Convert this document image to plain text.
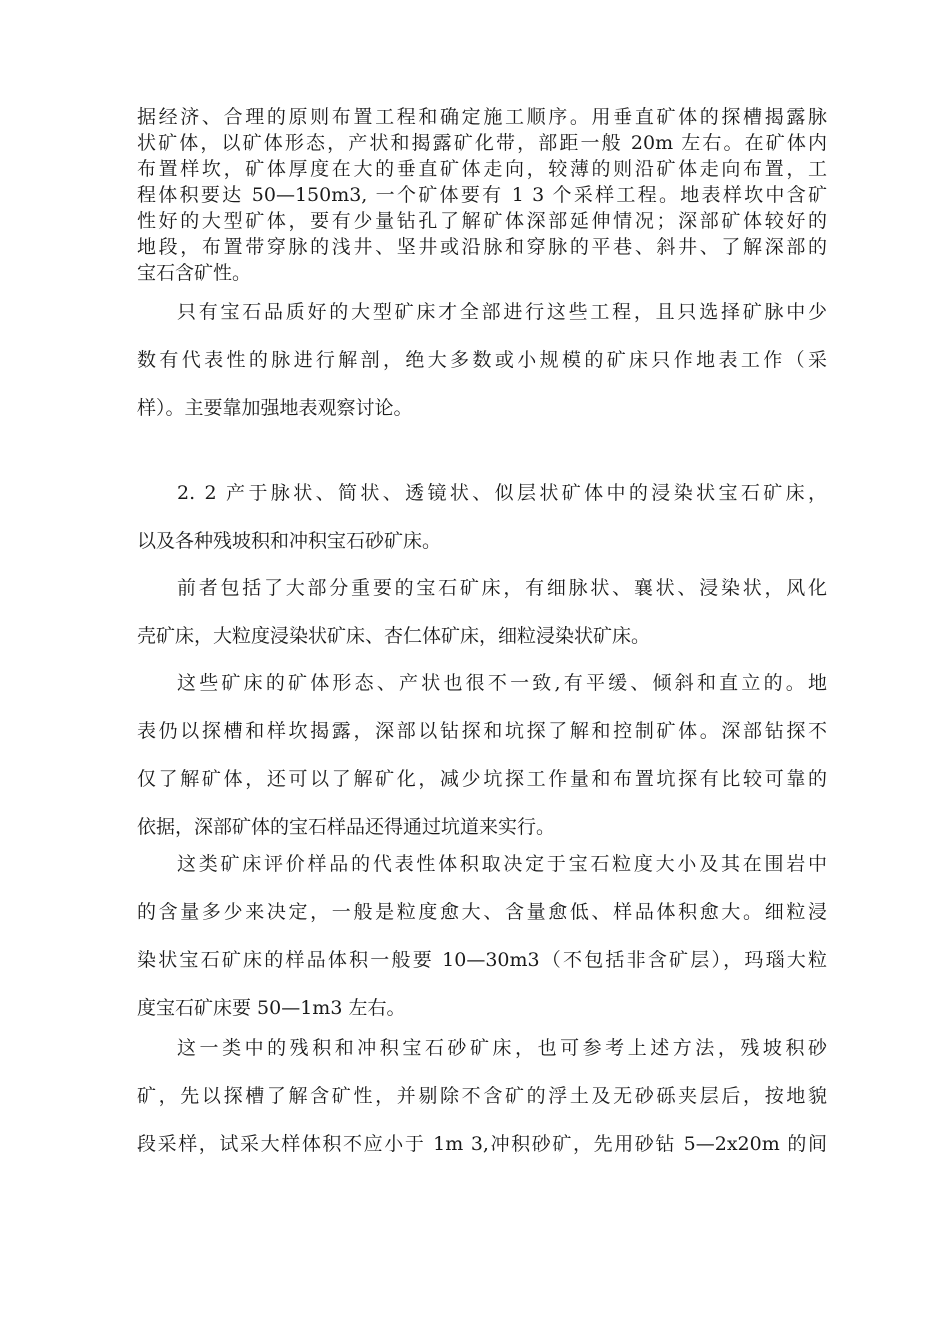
据经济、合理的原则布置工程和确定施工顺序。用垂直矿体的探槽揭露脉
状矿体，以矿体形态，产状和揭露矿化带，部距一般 20m 左右。在矿体内
布置样坎，矿体厚度在大的垂直矿体走向，较薄的则沿矿体走向布置，工
程体积要达 50—150m3, 一个矿体要有 1 3 个采样工程。地表样坎中含矿
性好的大型矿体，要有少量钻孔了解矿体深部延伸情况；深部矿体较好的
地段，布置带穿脉的浅井、坚井或沿脉和穿脉的平巷、斜井、了解深部的
宝石含矿性。
只有宝石品质好的大型矿床才全部进行这些工程，且只选择矿脉中少
数有代表性的脉进行解剖，绝大多数或小规模的矿床只作地表工作（采
样）。主要靠加强地表观察讨论。
2. 2 产于脉状、简状、透镜状、似层状矿体中的浸染状宝石矿床，
以及各种残坡积和冲积宝石砂矿床。
前者包括了大部分重要的宝石矿床，有细脉状、襄状、浸染状，风化
壳矿床，大粒度浸染状矿床、杏仁体矿床，细粒浸染状矿床。
这些矿床的矿体形态、产状也很不一致,有平缓、倾斜和直立的。地
表仍以探槽和样坎揭露，深部以钻探和坑探了解和控制矿体。深部钻探不
仅了解矿体，还可以了解矿化，减少坑探工作量和布置坑探有比较可靠的
依据，深部矿体的宝石样品还得通过坑道来实行。
这类矿床评价样品的代表性体积取决定于宝石粒度大小及其在围岩中
的含量多少来决定，一般是粒度愈大、含量愈低、样品体积愈大。细粒浸
染状宝石矿床的样品体积一般要 10—30m3（不包括非含矿层），玛瑙大粒
度宝石矿床要 50—1m3 左右。
这一类中的残积和冲积宝石砂矿床，也可参考上述方法，残坡积砂
矿，先以探槽了解含矿性，并剔除不含矿的浮土及无砂砾夹层后，按地貌
段采样，试采大样体积不应小于 1m 3,冲积砂矿，先用砂钻 5—2x20m 的间
